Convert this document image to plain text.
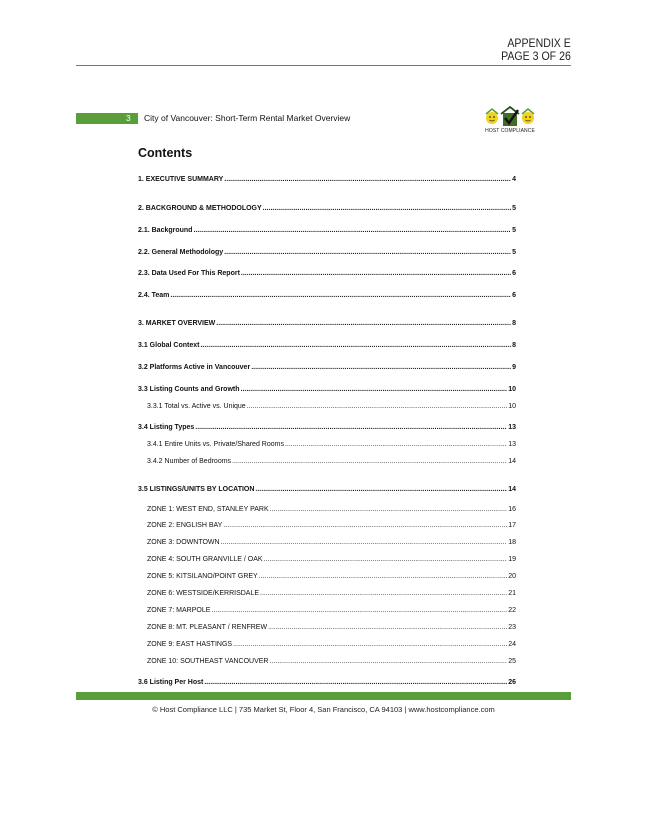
APPENDIX E
PAGE 3 OF 26
3 City of Vancouver: Short-Term Rental Market Overview
HOST COMPLIANCE
Contents
1. EXECUTIVE SUMMARY .....	4
2. BACKGROUND & METHODOLOGY .....	5
2.1. Background .....	5
2.2. General Methodology .....	5
2.3. Data Used For This Report .....	6
2.4. Team .....	6
3. MARKET OVERVIEW .....	8
3.1 Global Context .....	8
3.2 Platforms Active in Vancouver .....	9
3.3 Listing Counts and Growth .....	10
3.3.1 Total vs. Active vs. Unique .....	10
3.4 Listing Types .....	13
3.4.1 Entire Units vs. Private/Shared Rooms .....	13
3.4.2 Number of Bedrooms .....	14
3.5 LISTINGS/UNITS BY LOCATION .....	14
ZONE 1: WEST END, STANLEY PARK .....	16
ZONE 2: ENGLISH BAY .....	17
ZONE 3: DOWNTOWN .....	18
ZONE 4: SOUTH GRANVILLE / OAK .....	19
ZONE 5: KITSILANO/POINT GREY .....	20
ZONE 6: WESTSIDE/KERRISDALE .....	21
ZONE 7: MARPOLE .....	22
ZONE 8: MT. PLEASANT / RENFREW .....	23
ZONE 9: EAST HASTINGS .....	24
ZONE 10: SOUTHEAST VANCOUVER .....	25
3.6 Listing Per Host .....	26
© Host Compliance LLC | 735 Market St, Floor 4, San Francisco, CA 94103 | www.hostcompliance.com
